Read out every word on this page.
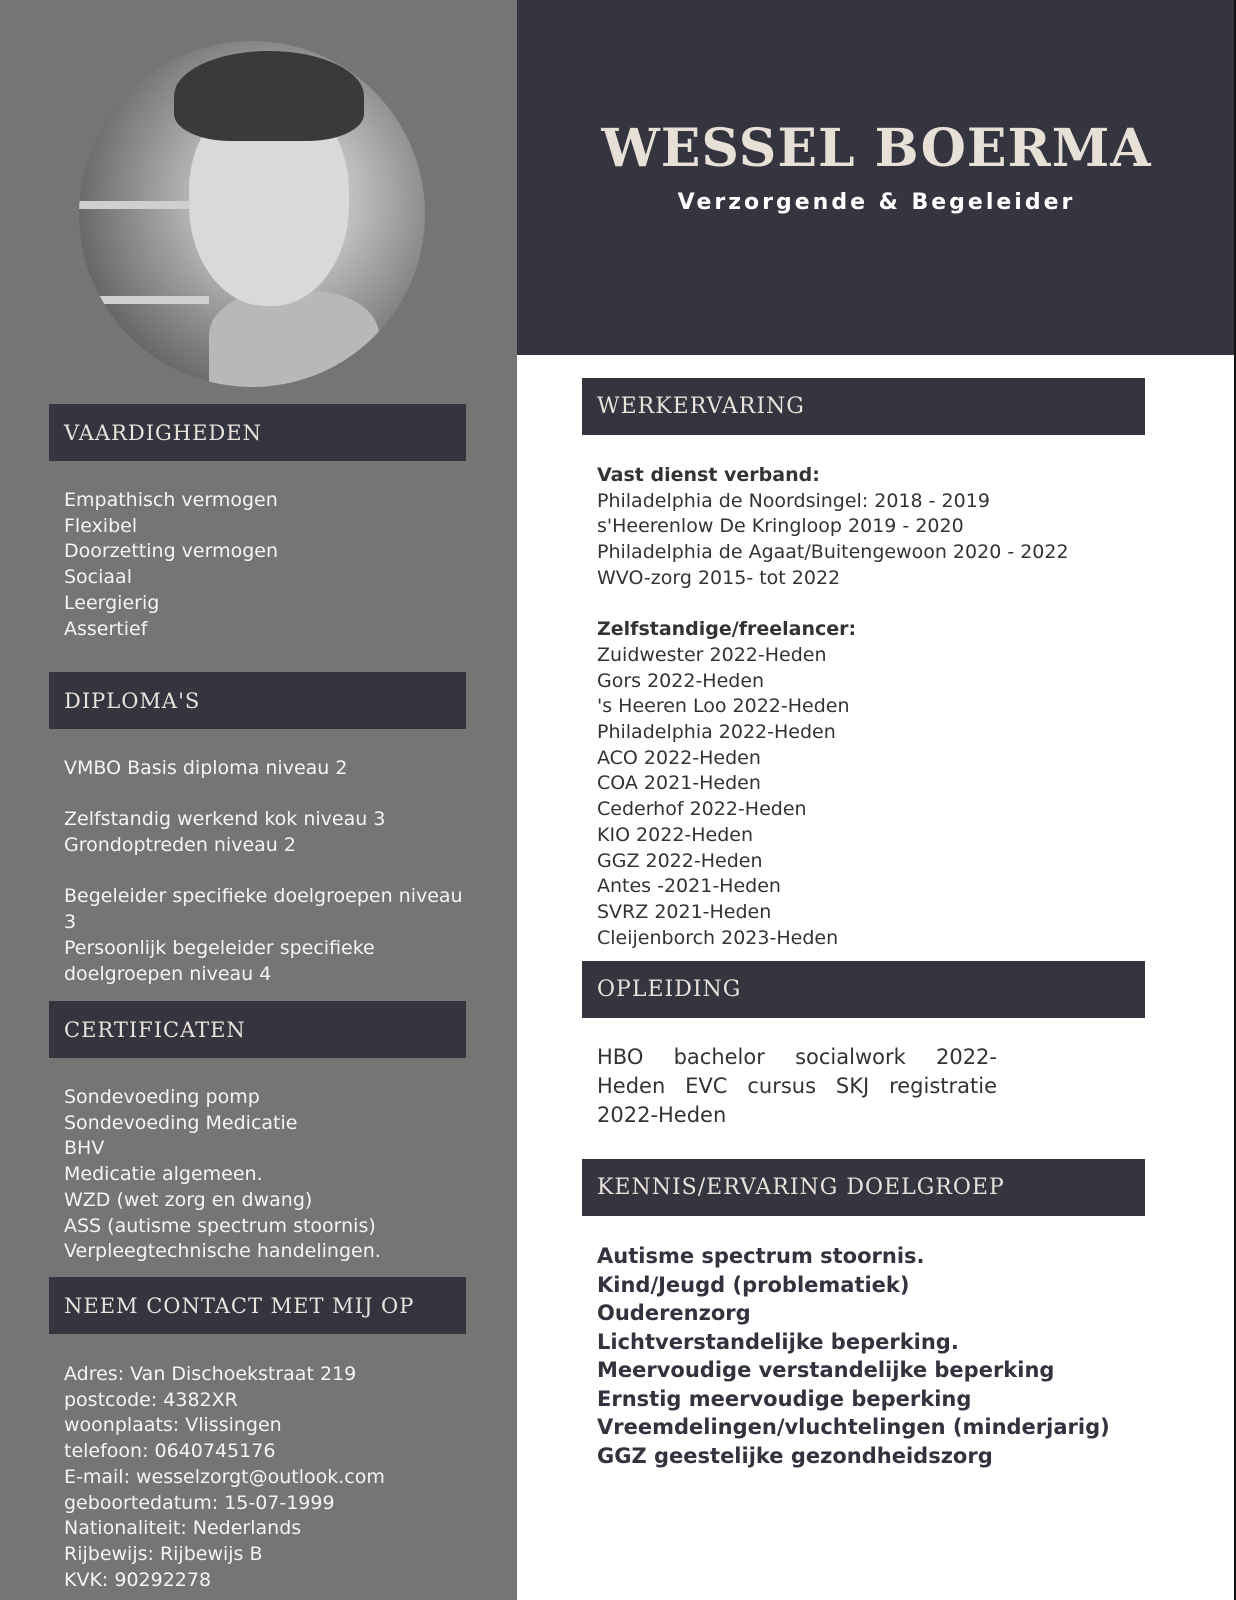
WESSEL BOERMA
Verzorgende & Begeleider
VAARDIGHEDEN
Empathisch vermogen
Flexibel
Doorzetting vermogen
Sociaal
Leergierig
Assertief
DIPLOMA'S
VMBO Basis diploma niveau 2
Zelfstandig werkend kok niveau 3
Grondoptreden niveau 2
Begeleider specifieke doelgroepen niveau
3
Persoonlijk begeleider specifieke
doelgroepen niveau 4
CERTIFICATEN
Sondevoeding pomp
Sondevoeding Medicatie
BHV
Medicatie algemeen.
WZD (wet zorg en dwang)
ASS (autisme spectrum stoornis)
Verpleegtechnische handelingen.
NEEM CONTACT MET MIJ OP
Adres: Van Dischoekstraat 219
postcode: 4382XR
woonplaats: Vlissingen
telefoon: 0640745176
E-mail: wesselzorgt@outlook.com
geboortedatum: 15-07-1999
Nationaliteit: Nederlands
Rijbewijs: Rijbewijs B
KVK: 90292278
WERKERVARING
Vast dienst verband:
Philadelphia de Noordsingel: 2018 - 2019
s'Heerenlow De Kringloop 2019 - 2020
Philadelphia de Agaat/Buitengewoon 2020 - 2022
WVO-zorg 2015- tot 2022
Zelfstandige/freelancer:
Zuidwester 2022-Heden
Gors 2022-Heden
's Heeren Loo 2022-Heden
Philadelphia 2022-Heden
ACO 2022-Heden
COA 2021-Heden
Cederhof 2022-Heden
KIO 2022-Heden
GGZ 2022-Heden
Antes -2021-Heden
SVRZ 2021-Heden
Cleijenborch 2023-Heden
OPLEIDING
HBO bachelor socialwork 2022-Heden EVC cursus SKJ registratie 2022-Heden
KENNIS/ERVARING DOELGROEP
Autisme spectrum stoornis.
Kind/Jeugd (problematiek)
Ouderenzorg
Lichtverstandelijke beperking.
Meervoudige verstandelijke beperking
Ernstig meervoudige beperking
Vreemdelingen/vluchtelingen (minderjarig)
GGZ geestelijke gezondheidszorg
